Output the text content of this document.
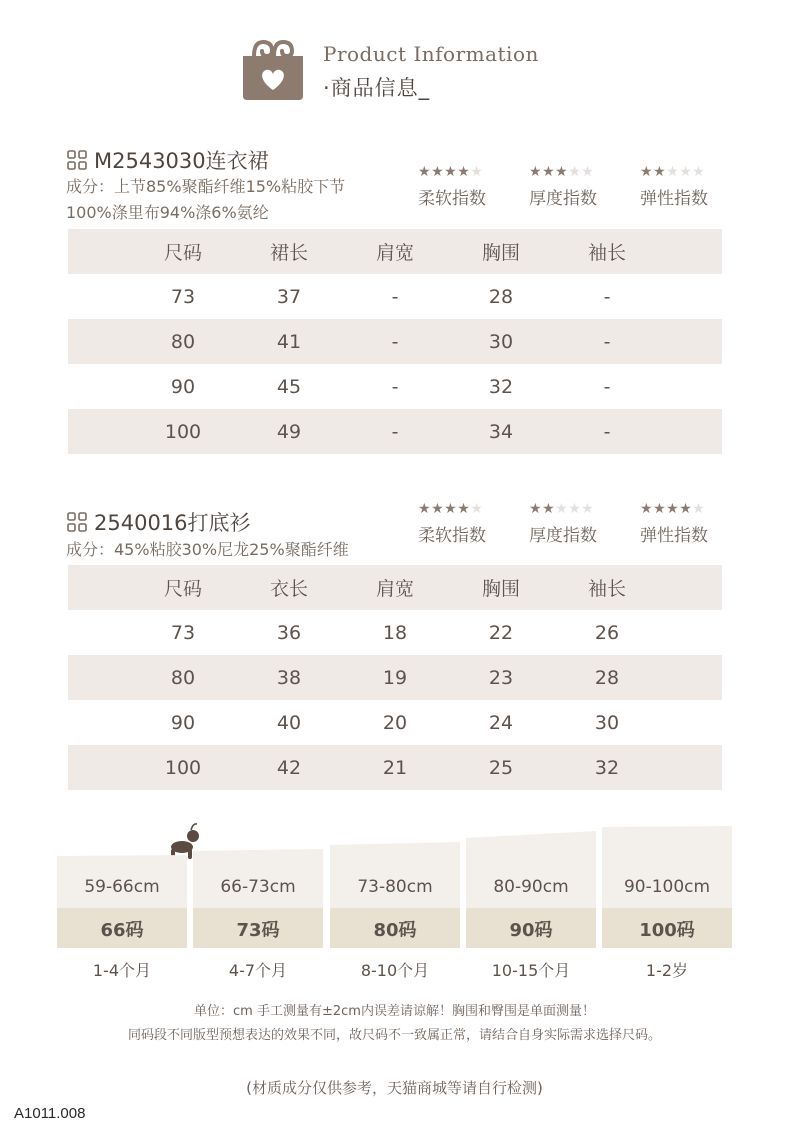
Product Information
·商品信息_
M2543030连衣裙
成分：上节85%聚酯纤维15%粘胶下节
100%涤里布94%涤6%氨纶
★★★★★
柔软指数
★★★★★
厚度指数
★★★★★
弹性指数
尺码	裙长	肩宽	胸围	袖长
73	37	-	28	-
80	41	-	30	-
90	45	-	32	-
100	49	-	34	-
2540016打底衫
成分：45%粘胶30%尼龙25%聚酯纤维
★★★★★
柔软指数
★★★★★
厚度指数
★★★★★
弹性指数
尺码	衣长	肩宽	胸围	袖长
73	36	18	22	26
80	38	19	23	28
90	40	20	24	30
100	42	21	25	32
59-66cm
66码
1-4个月
66-73cm
73码
4-7个月
73-80cm
80码
8-10个月
80-90cm
90码
10-15个月
90-100cm
100码
1-2岁
单位：cm 手工测量有±2cm内误差请谅解！胸围和臀围是单面测量！
同码段不同版型预想表达的效果不同，故尺码不一致属正常，请结合自身实际需求选择尺码。
(材质成分仅供参考，天猫商城等请自行检测)
A1011.008
